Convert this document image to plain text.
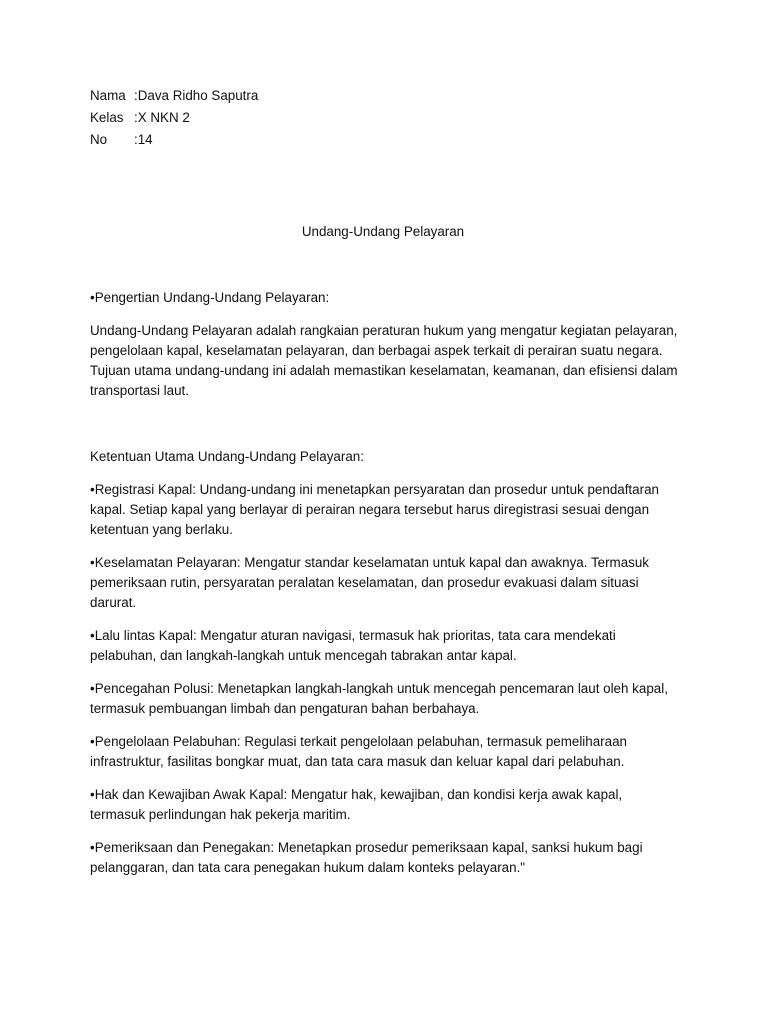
Nama :Dava Ridho Saputra
Kelas :X NKN 2
No	:14
Undang-Undang Pelayaran

•Pengertian Undang-Undang Pelayaran:

Undang-Undang Pelayaran adalah rangkaian peraturan hukum yang mengatur kegiatan pelayaran, pengelolaan kapal, keselamatan pelayaran, dan berbagai aspek terkait di perairan suatu negara. Tujuan utama undang-undang ini adalah memastikan keselamatan, keamanan, dan efisiensi dalam transportasi laut.

Ketentuan Utama Undang-Undang Pelayaran:

•Registrasi Kapal: Undang-undang ini menetapkan persyaratan dan prosedur untuk pendaftaran kapal. Setiap kapal yang berlayar di perairan negara tersebut harus diregistrasi sesuai dengan ketentuan yang berlaku.

•Keselamatan Pelayaran: Mengatur standar keselamatan untuk kapal dan awaknya. Termasuk pemeriksaan rutin, persyaratan peralatan keselamatan, dan prosedur evakuasi dalam situasi darurat.

•Lalu lintas Kapal: Mengatur aturan navigasi, termasuk hak prioritas, tata cara mendekati pelabuhan, dan langkah-langkah untuk mencegah tabrakan antar kapal.

•Pencegahan Polusi: Menetapkan langkah-langkah untuk mencegah pencemaran laut oleh kapal, termasuk pembuangan limbah dan pengaturan bahan berbahaya.

•Pengelolaan Pelabuhan: Regulasi terkait pengelolaan pelabuhan, termasuk pemeliharaan infrastruktur, fasilitas bongkar muat, dan tata cara masuk dan keluar kapal dari pelabuhan.

•Hak dan Kewajiban Awak Kapal: Mengatur hak, kewajiban, dan kondisi kerja awak kapal, termasuk perlindungan hak pekerja maritim.

•Pemeriksaan dan Penegakan: Menetapkan prosedur pemeriksaan kapal, sanksi hukum bagi pelanggaran, dan tata cara penegakan hukum dalam konteks pelayaran."
